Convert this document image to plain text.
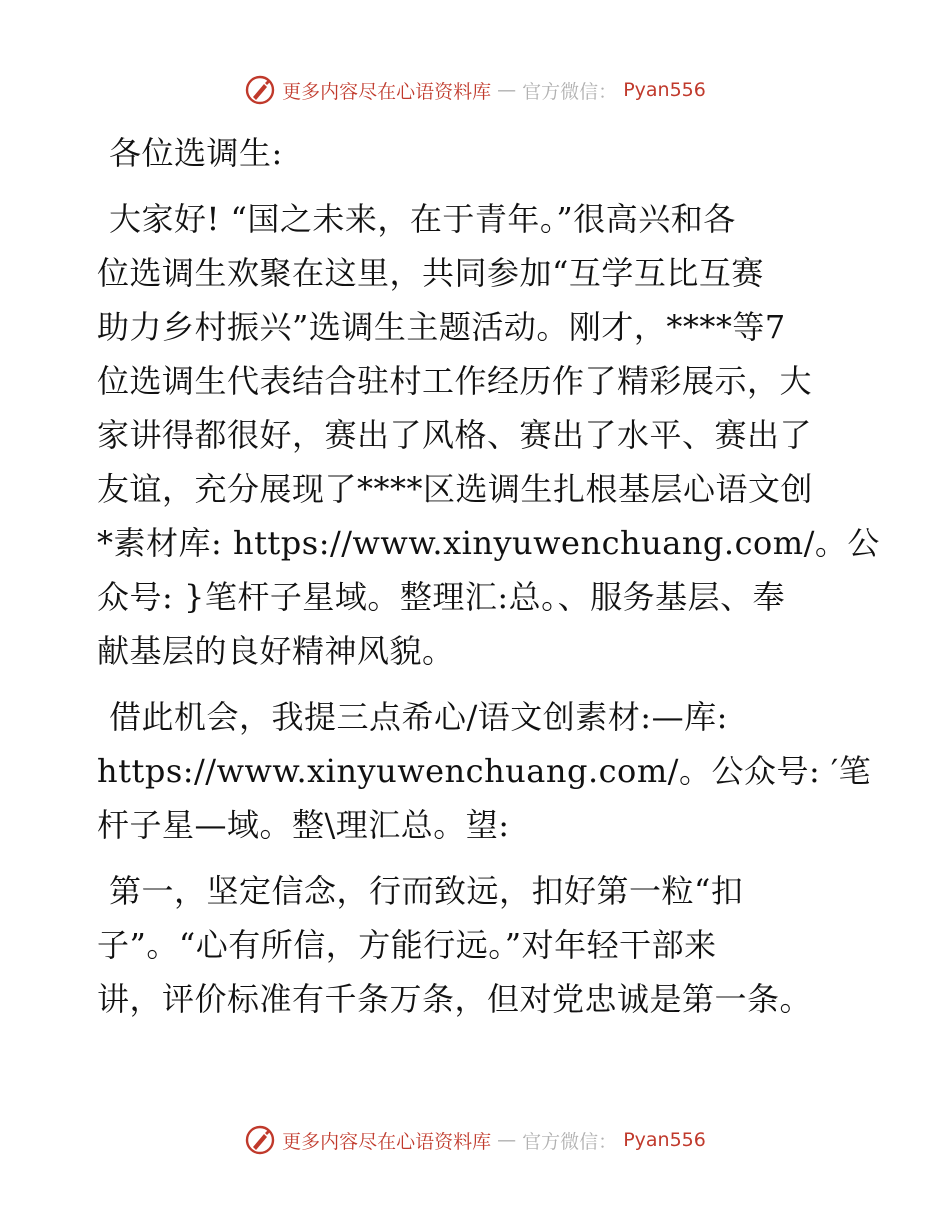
更多内容尽在心语资料库 — 官方微信： Pyan556
各位选调生:
大家好! “国之未来，在于青年。”很高兴和各
位选调生欢聚在这里，共同参加“互学互比互赛
助力乡村振兴”选调生主题活动。刚才，****等7
位选调生代表结合驻村工作经历作了精彩展示，大
家讲得都很好，赛出了风格、赛出了水平、赛出了
友谊，充分展现了****区选调生扎根基层心语文创
*素材库: https://www.xinyuwenchuang.com/。公
众号: }笔杆子星域。整理汇:总。、服务基层、奉
献基层的良好精神风貌。
借此机会，我提三点希心/语文创素材:—库:
https://www.xinyuwenchuang.com/。公众号: ′笔
杆子星—域。整\理汇总。望:
第一，坚定信念，行而致远，扣好第一粒“扣
子”。“心有所信，方能行远。”对年轻干部来
讲，评价标准有千条万条，但对党忠诚是第一条。
更多内容尽在心语资料库 — 官方微信： Pyan556
